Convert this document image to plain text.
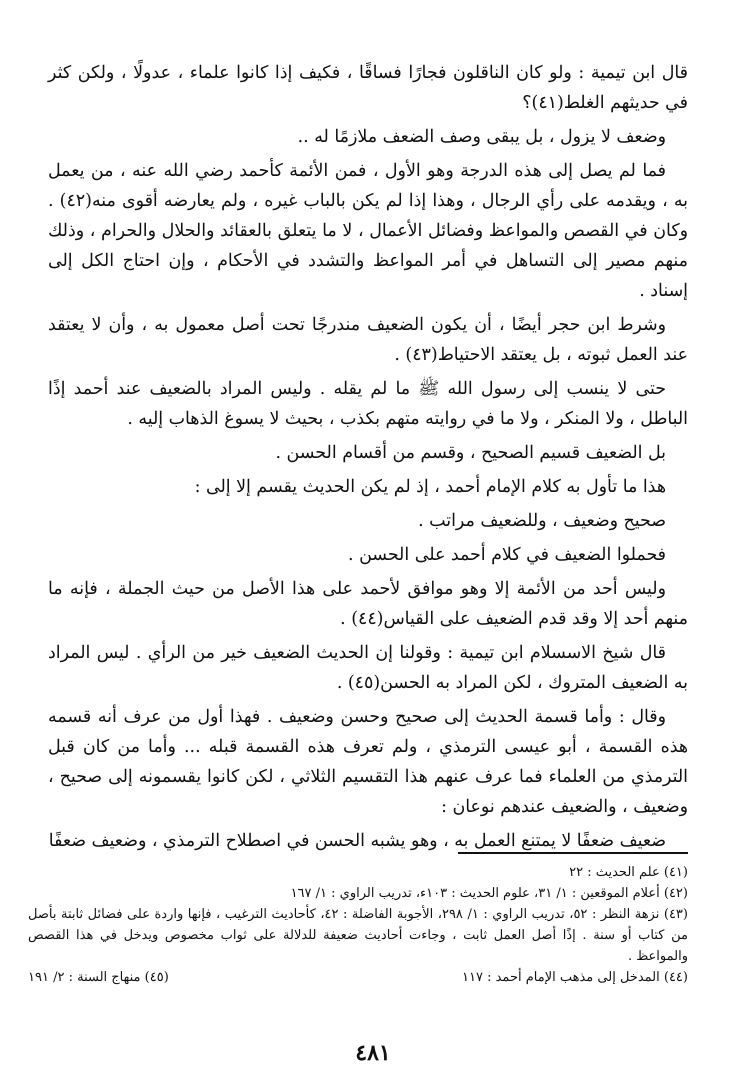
قال ابن تيمية : ولو كان الناقلون فجارًا فساقًا ، فكيف إذا كانوا علماء ، عدولًا ، ولكن كثر في حديثهم الغلط(٤١)؟

وضعف لا يزول ، بل يبقى وصف الضعف ملازمًا له ..

فما لم يصل إلى هذه الدرجة وهو الأول ، فمن الأئمة كأحمد رضي الله عنه ، من يعمل به ، ويقدمه على رأي الرجال ، وهذا إذا لم يكن بالباب غيره ، ولم يعارضه أقوى منه(٤٢) . وكان في القصص والمواعظ وفضائل الأعمال ، لا ما يتعلق بالعقائد والحلال والحرام ، وذلك منهم مصير إلى التساهل في أمر المواعظ والتشدد في الأحكام ، وإن احتاج الكل إلى إسناد .

وشرط ابن حجر أيضًا ، أن يكون الضعيف مندرجًا تحت أصل معمول به ، وأن لا يعتقد عند العمل ثبوته ، بل يعتقد الاحتياط(٤٣) .

حتى لا ينسب إلى رسول الله ﷺ ما لم يقله . وليس المراد بالضعيف عند أحمد إذًا الباطل ، ولا المنكر ، ولا ما في روايته متهم بكذب ، بحيث لا يسوغ الذهاب إليه .

بل الضعيف قسيم الصحيح ، وقسم من أقسام الحسن .

هذا ما تأول به كلام الإمام أحمد ، إذ لم يكن الحديث يقسم إلا إلى :

صحيح وضعيف ، وللضعيف مراتب .

فحملوا الضعيف في كلام أحمد على الحسن .

وليس أحد من الأئمة إلا وهو موافق لأحمد على هذا الأصل من حيث الجملة ، فإنه ما منهم أحد إلا وقد قدم الضعيف على القياس(٤٤) .

قال شيخ الاسسلام ابن تيمية : وقولنا إن الحديث الضعيف خير من الرأي . ليس المراد به الضعيف المتروك ، لكن المراد به الحسن(٤٥) .

وقال : وأما قسمة الحديث إلى صحيح وحسن وضعيف . فهذا أول من عرف أنه قسمه هذه القسمة ، أبو عيسى الترمذي ، ولم تعرف هذه القسمة قبله ... وأما من كان قبل الترمذي من العلماء فما عرف عنهم هذا التقسيم الثلاثي ، لكن كانوا يقسمونه إلى صحيح ، وضعيف ، والضعيف عندهم نوعان :

ضعيف ضعفًا لا يمتنع العمل به ، وهو يشبه الحسن في اصطلاح الترمذي ، وضعيف ضعفًا

(٤١) علم الحديث : ٢٢

(٤٢) أعلام الموقعين : ١/ ٣١، علوم الحديث : ١٠٣ء، تدريب الراوي : ١/ ١٦٧

(٤٣) نزهة النظر : ٥٢، تدريب الراوي : ١/ ٢٩٨، الأجوبة الفاضلة : ٤٢، كأحاديث الترغيب ، فإنها واردة على فضائل ثابتة بأصل من كتاب أو سنة . إذًا أصل العمل ثابت ، وجاءت أحاديث ضعيفة للدلالة على ثواب مخصوص ويدخل في هذا القصص والمواعظ .

(٤٤) المدخل إلى مذهب الإمام أحمد : ١١٧
(٤٥) منهاج السنة : ٢/ ١٩١
٤٨١
